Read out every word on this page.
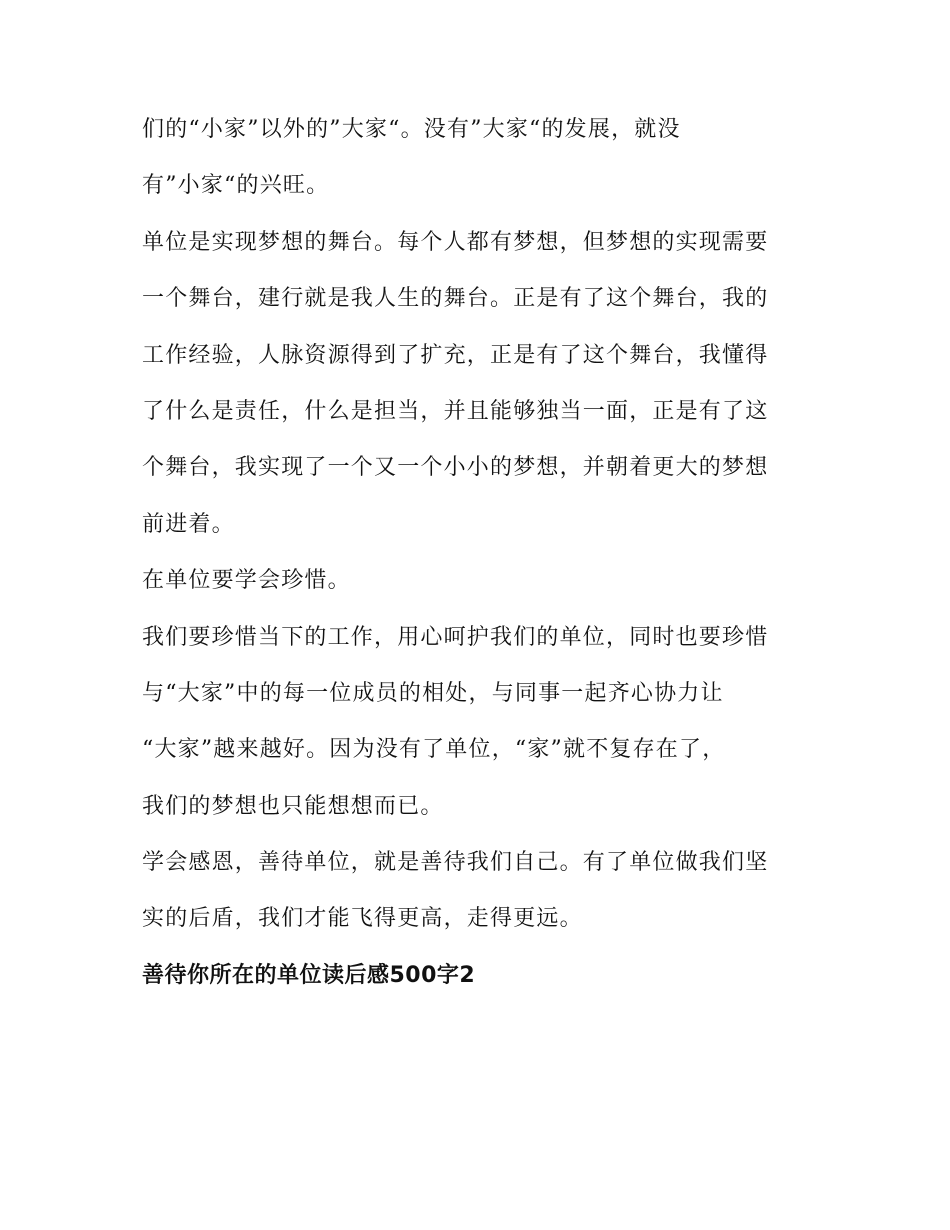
们的“小家”以外的”大家“。没有”大家“的发展，就没
有”小家“的兴旺。
单位是实现梦想的舞台。每个人都有梦想，但梦想的实现需要
一个舞台，建行就是我人生的舞台。正是有了这个舞台，我的
工作经验，人脉资源得到了扩充，正是有了这个舞台，我懂得
了什么是责任，什么是担当，并且能够独当一面，正是有了这
个舞台，我实现了一个又一个小小的梦想，并朝着更大的梦想
前进着。
在单位要学会珍惜。
我们要珍惜当下的工作，用心呵护我们的单位，同时也要珍惜
与“大家”中的每一位成员的相处，与同事一起齐心协力让
“大家”越来越好。因为没有了单位，“家”就不复存在了，
我们的梦想也只能想想而已。
学会感恩，善待单位，就是善待我们自己。有了单位做我们坚
实的后盾，我们才能飞得更高，走得更远。
善待你所在的单位读后感500字2
